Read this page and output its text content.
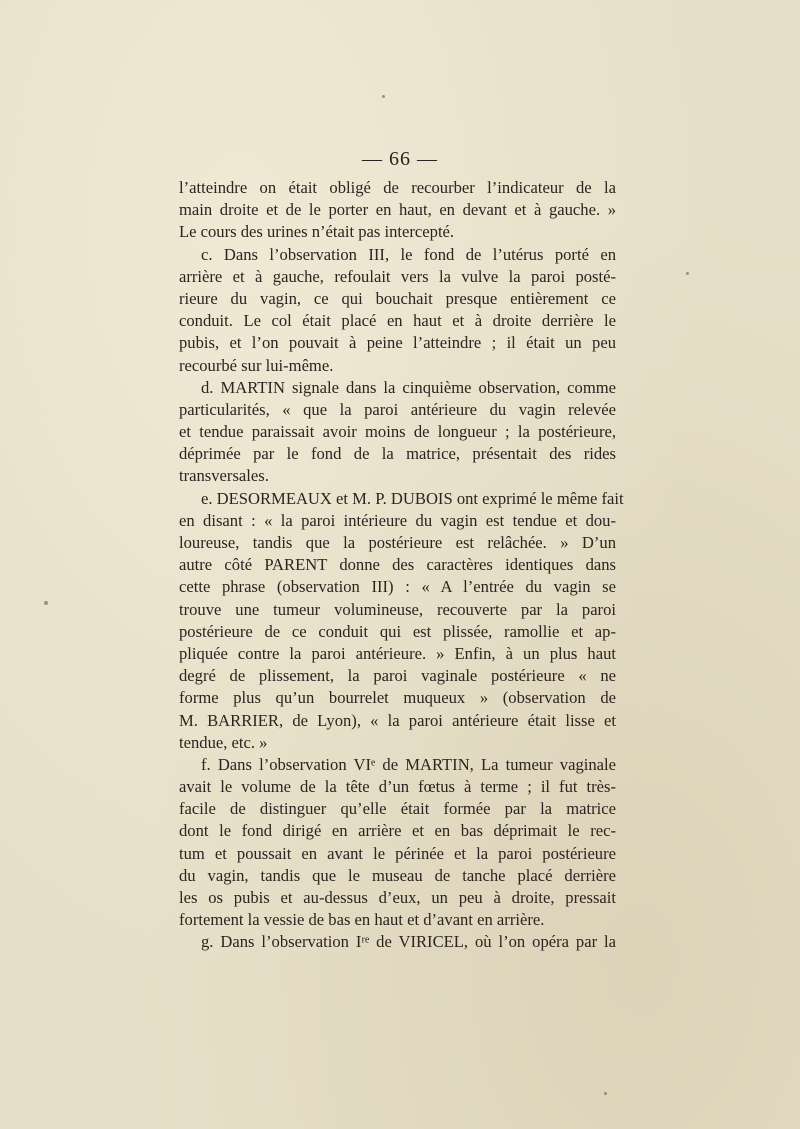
— 66 —
l’atteindre on était obligé de recourber l’indicateur de la
main droite et de le porter en haut, en devant et à gauche. »
Le cours des urines n’était pas intercepté.
c. Dans l’observation III, le fond de l’utérus porté en
arrière et à gauche, refoulait vers la vulve la paroi posté-
rieure du vagin, ce qui bouchait presque entièrement ce
conduit. Le col était placé en haut et à droite derrière le
pubis, et l’on pouvait à peine l’atteindre ; il était un peu
recourbé sur lui-même.
d. MARTIN signale dans la cinquième observation, comme
particularités, « que la paroi antérieure du vagin relevée
et tendue paraissait avoir moins de longueur ; la postérieure,
déprimée par le fond de la matrice, présentait des rides
transversales.
e. DESORMEAUX et M. P. DUBOIS ont exprimé le même fait
en disant : « la paroi intérieure du vagin est tendue et dou-
loureuse, tandis que la postérieure est relâchée. » D’un
autre côté PARENT donne des caractères identiques dans
cette phrase (observation III) : « A l’entrée du vagin se
trouve une tumeur volumineuse, recouverte par la paroi
postérieure de ce conduit qui est plissée, ramollie et ap-
pliquée contre la paroi antérieure. » Enfin, à un plus haut
degré de plissement, la paroi vaginale postérieure « ne
forme plus qu’un bourrelet muqueux » (observation de
M. BARRIER, de Lyon), « la paroi antérieure était lisse et
tendue, etc. »
f. Dans l’observation VIᵉ de MARTIN, La tumeur vaginale
avait le volume de la tête d’un fœtus à terme ; il fut très-
facile de distinguer qu’elle était formée par la matrice
dont le fond dirigé en arrière et en bas déprimait le rec-
tum et poussait en avant le périnée et la paroi postérieure
du vagin, tandis que le museau de tanche placé derrière
les os pubis et au-dessus d’eux, un peu à droite, pressait
fortement la vessie de bas en haut et d’avant en arrière.
g. Dans l’observation Iʳᵉ de VIRICEL, où l’on opéra par la
